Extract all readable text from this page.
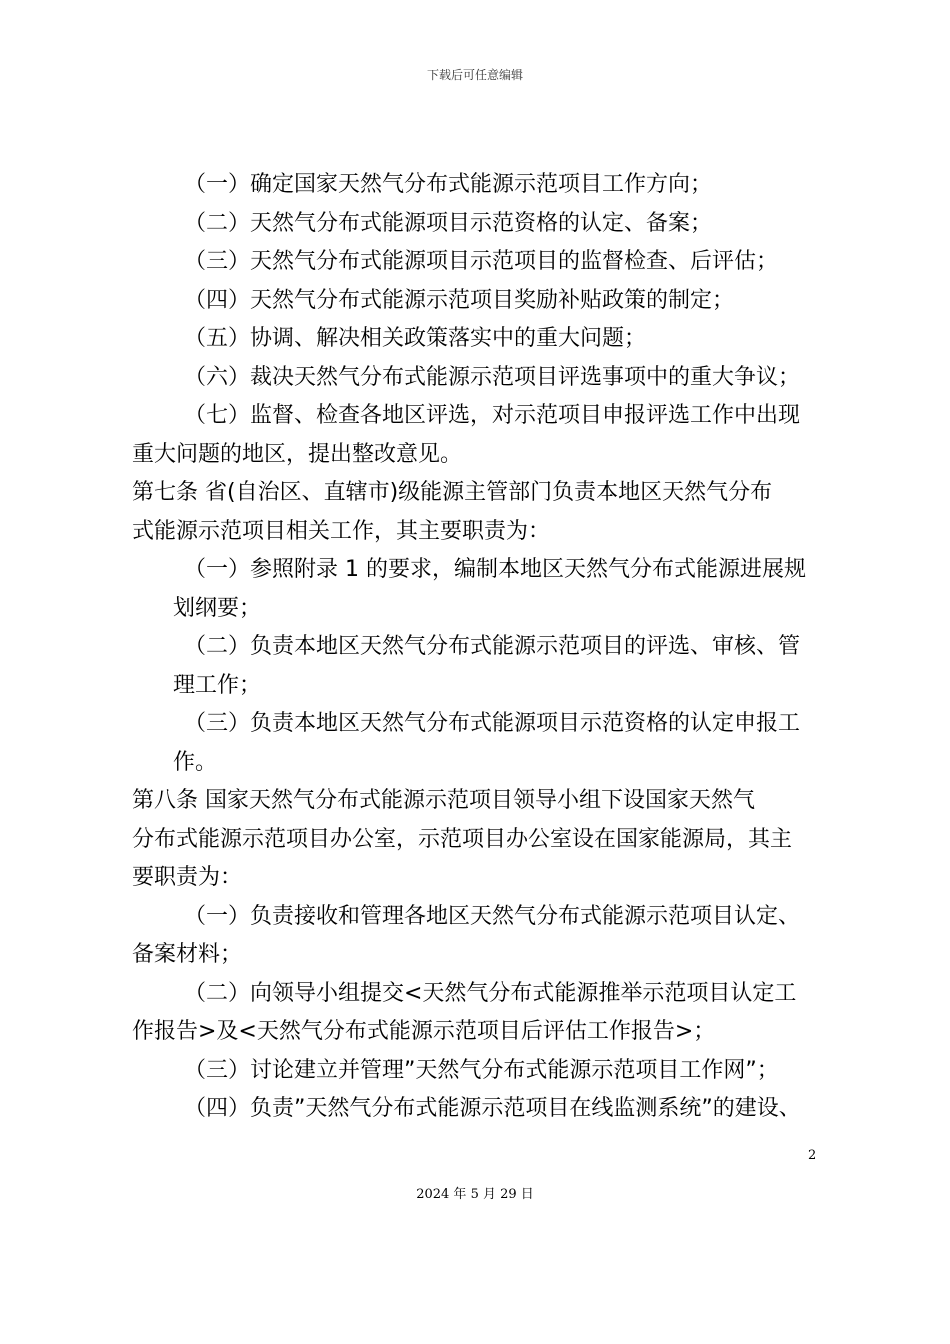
下载后可任意编辑
（一）确定国家天然气分布式能源示范项目工作方向；
（二）天然气分布式能源项目示范资格的认定、备案；
（三）天然气分布式能源项目示范项目的监督检查、后评估；
（四）天然气分布式能源示范项目奖励补贴政策的制定；
（五）协调、解决相关政策落实中的重大问题；
（六）裁决天然气分布式能源示范项目评选事项中的重大争议；
（七）监督、检查各地区评选，对示范项目申报评选工作中出现
重大问题的地区，提出整改意见。
第七条 省(自治区、直辖市)级能源主管部门负责本地区天然气分布
式能源示范项目相关工作，其主要职责为：
（一）参照附录 1 的要求，编制本地区天然气分布式能源进展规
划纲要；
（二）负责本地区天然气分布式能源示范项目的评选、审核、管
理工作；
（三）负责本地区天然气分布式能源项目示范资格的认定申报工
作。
第八条 国家天然气分布式能源示范项目领导小组下设国家天然气
分布式能源示范项目办公室，示范项目办公室设在国家能源局，其主
要职责为：
（一）负责接收和管理各地区天然气分布式能源示范项目认定、
备案材料；
（二）向领导小组提交<天然气分布式能源推举示范项目认定工
作报告>及<天然气分布式能源示范项目后评估工作报告>；
（三）讨论建立并管理”天然气分布式能源示范项目工作网”；
（四）负责”天然气分布式能源示范项目在线监测系统”的建设、
2
2024 年 5 月 29 日
